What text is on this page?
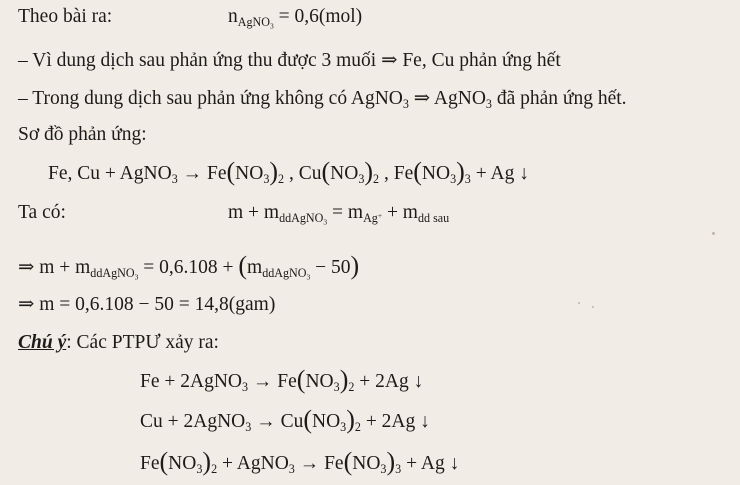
Theo bài ra:	$n_{AgNO_3} = 0,6(mol)$
– Vì dung dịch sau phản ứng thu được 3 muối ⇒ Fe, Cu phản ứng hết
– Trong dung dịch sau phản ứng không có AgNO$_3$ ⇒ AgNO$_3$ đã phản ứng hết.
Sơ đồ phản ứng:
Fe, Cu + AgNO$_3$ → $Fe(NO_3)_2$ , $Cu(NO_3)_2$ , $Fe(NO_3)_3 + Ag$ ↓
Ta có:	$m + m_{ddAgNO_3} = m_{Ag^+} + m_{dd sau}$
⇒ $m + m_{ddAgNO_3} = 0,6.108 + (m_{ddAgNO_3} - 50)$
⇒ m = 0,6.108 − 50 = 14,8(gam)
Chú ý: Các PTPƯ xảy ra:
Fe + 2AgNO$_3$ → $Fe(NO_3)_2 + 2Ag$ ↓
Cu + 2AgNO$_3$ → $Cu(NO_3)_2 + 2Ag$ ↓
$Fe(NO_3)_2$ + AgNO$_3$ → $Fe(NO_3)_3 + Ag$ ↓
